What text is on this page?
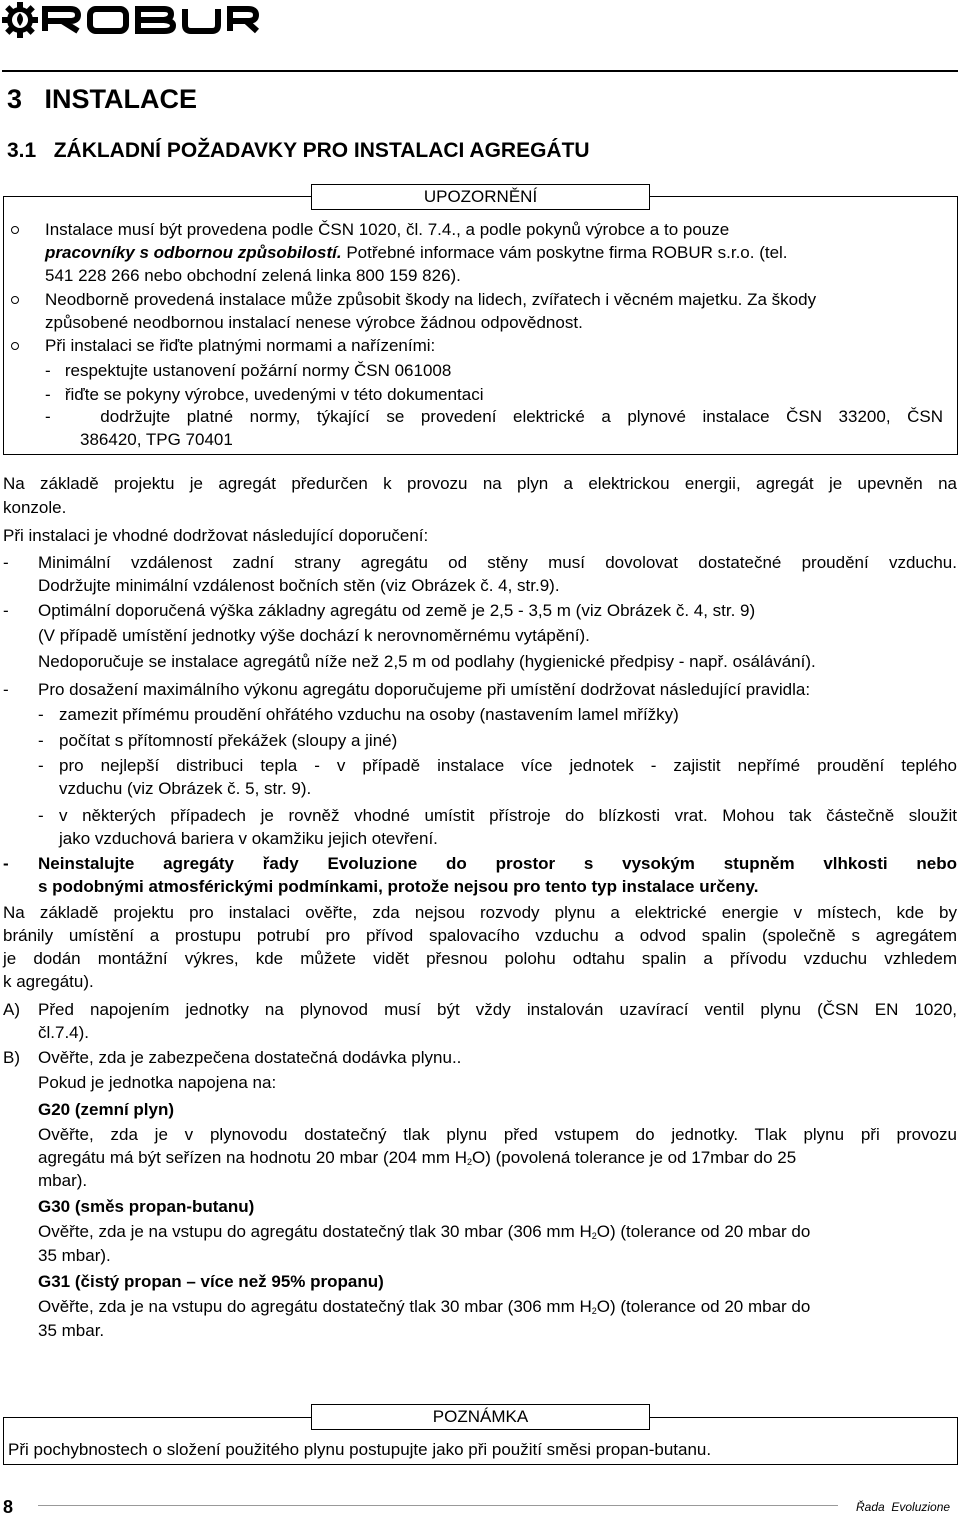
3   INSTALACE
3.1   ZÁKLADNÍ POŽADAVKY PRO INSTALACI AGREGÁTU
UPOZORNĚNÍ
Instalace musí být provedena podle ČSN 1020, čl. 7.4., a podle pokynů výrobce a to pouze
pracovníky s odbornou způsobilostí. Potřebné informace vám poskytne firma ROBUR s.r.o. (tel.
541 228 266 nebo obchodní zelená linka 800 159 826).
Neodborně provedená instalace může způsobit škody na lidech, zvířatech i věcném majetku. Za škody
způsobené neodbornou instalací nenese výrobce žádnou odpovědnost.
Při instalaci se řiďte platnými normami a nařízeními:
-   respektujte ustanovení požární normy ČSN 061008
-   řiďte se pokyny výrobce, uvedenými v této dokumentaci
-   dodržujte platné normy, týkající se provedení elektrické a plynové instalace ČSN 33200, ČSN
386420, TPG 70401
Na základě projektu je agregát předurčen k provozu na plyn a elektrickou energii, agregát je upevněn na
konzole.
Při instalaci je vhodné dodržovat následující doporučení:
- Minimální vzdálenost zadní strany agregátu od stěny musí dovolovat dostatečné proudění vzduchu.
Dodržujte minimální vzdálenost bočních stěn (viz Obrázek č. 4, str.9).
- Optimální doporučená výška základny agregátu od země je 2,5 - 3,5 m (viz Obrázek č. 4, str. 9)
(V případě umístění jednotky výše dochází k nerovnoměrnému vytápění).
Nedoporučuje se instalace agregátů níže než 2,5 m od podlahy (hygienické předpisy - např. osálávání).
- Pro dosažení maximálního výkonu agregátu doporučujeme při umístění dodržovat následující pravidla:
- zamezit přímému proudění ohřátého vzduchu na osoby (nastavením lamel mřížky)
- počítat s přítomností překážek (sloupy a jiné)
- pro nejlepší distribuci tepla - v případě instalace více jednotek - zajistit nepřímé proudění teplého
vzduchu (viz Obrázek č. 5, str. 9).
- v některých případech je rovněž vhodné umístit přístroje do blízkosti vrat. Mohou tak částečně sloužit
jako vzduchová bariera v okamžiku jejich otevření.
- Neinstalujte agregáty řady Evoluzione do prostor s vysokým stupněm vlhkosti nebo
s podobnými atmosférickými podmínkami, protože nejsou pro tento typ instalace určeny.
Na základě projektu pro instalaci ověřte, zda nejsou rozvody plynu a elektrické energie v místech, kde by
bránily umístění a prostupu potrubí pro přívod spalovacího vzduchu a odvod spalin (společně s agregátem
je dodán montážní výkres, kde můžete vidět přesnou polohu odtahu spalin a přívodu vzduchu vzhledem
k agregátu).
A) Před napojením jednotky na plynovod musí být vždy instalován uzavírací ventil plynu (ČSN EN 1020,
čl.7.4).
B) Ověřte, zda je zabezpečena dostatečná dodávka plynu..
Pokud je jednotka napojena na:
G20 (zemní plyn)
Ověřte, zda je v plynovodu dostatečný tlak plynu před vstupem do jednotky. Tlak plynu při provozu
agregátu má být seřízen na hodnotu 20 mbar (204 mm $H_2O$) (povolená tolerance je od 17mbar do 25
mbar).
G30 (směs propan-butanu)
Ověřte, zda je na vstupu do agregátu dostatečný tlak 30 mbar (306 mm $H_2O$) (tolerance od 20 mbar do
35 mbar).
G31 (čistý propan – více než 95% propanu)
Ověřte, zda je na vstupu do agregátu dostatečný tlak 30 mbar (306 mm $H_2O$) (tolerance od 20 mbar do
35 mbar.
POZNÁMKA
Při pochybnostech o složení použitého plynu postupujte jako při použití směsi propan-butanu.
8	Řada  Evoluzione
